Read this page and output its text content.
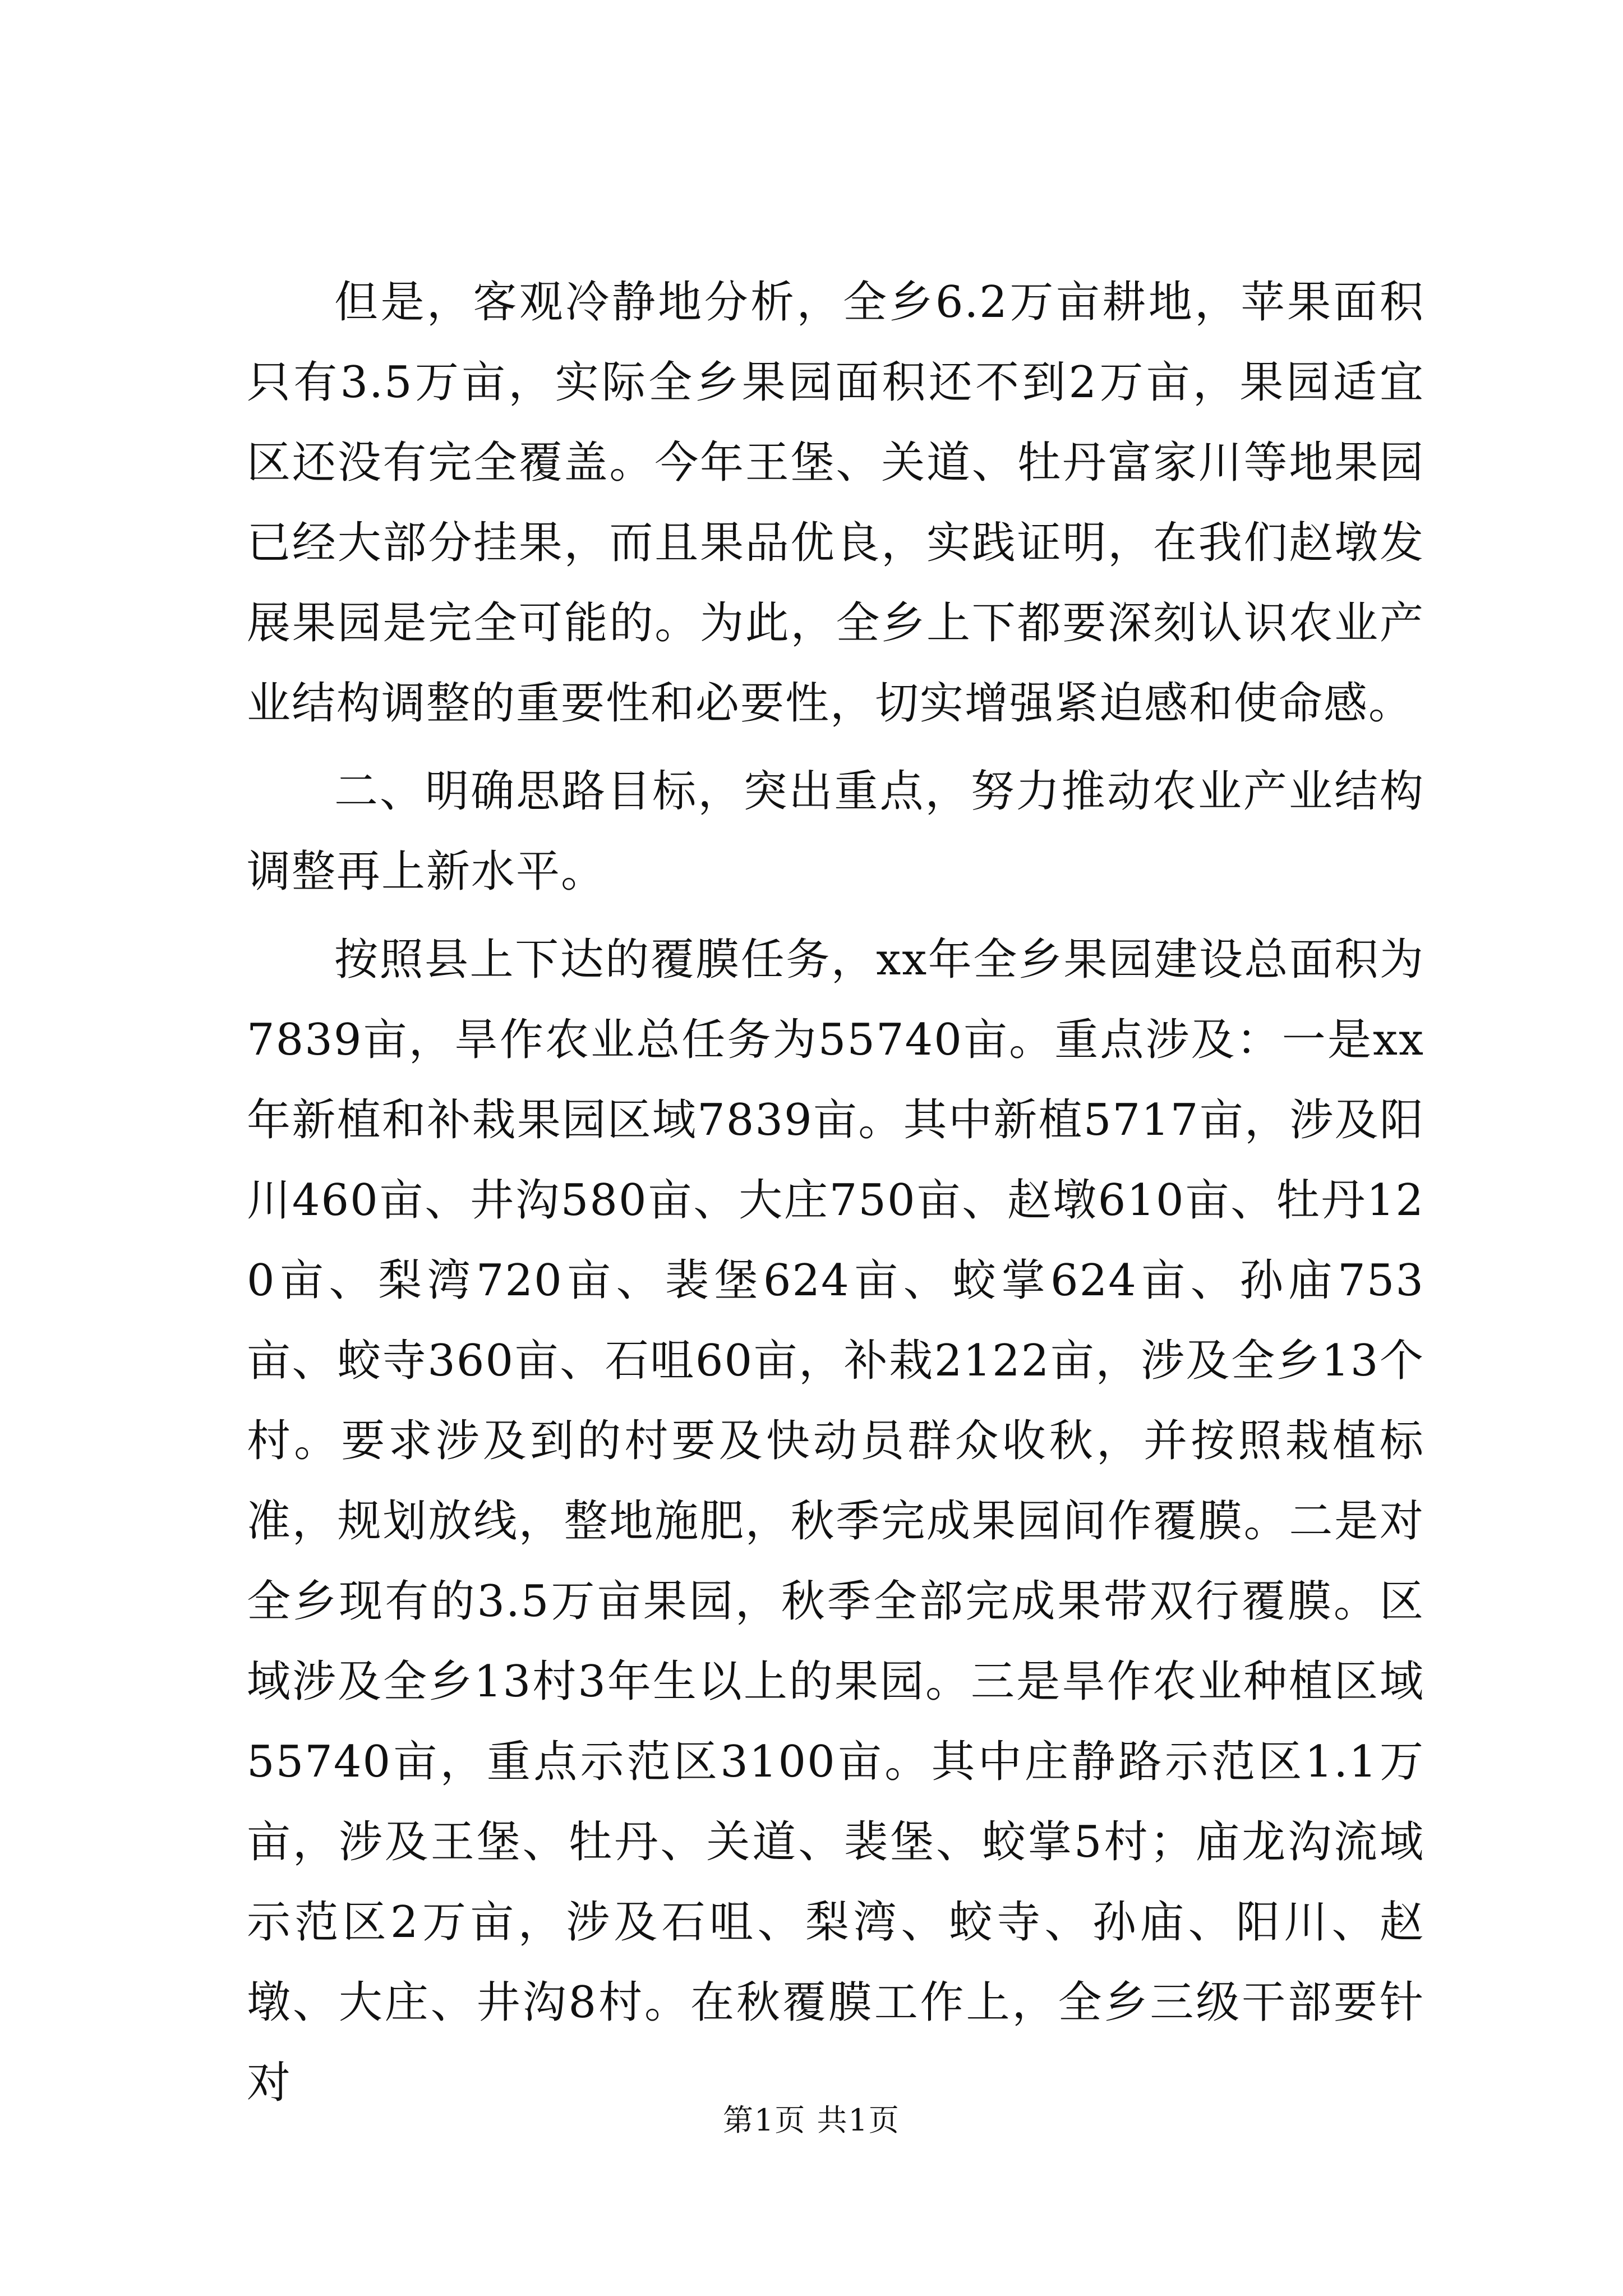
但是，客观冷静地分析，全乡6.2万亩耕地，苹果面积只有3.5万亩，实际全乡果园面积还不到2万亩，果园适宜区还没有完全覆盖。今年王堡、关道、牡丹富家川等地果园已经大部分挂果，而且果品优良，实践证明，在我们赵墩发展果园是完全可能的。为此，全乡上下都要深刻认识农业产业结构调整的重要性和必要性，切实增强紧迫感和使命感。

二、明确思路目标，突出重点，努力推动农业产业结构调整再上新水平。

按照县上下达的覆膜任务，xx年全乡果园建设总面积为7839亩，旱作农业总任务为55740亩。重点涉及：一是xx年新植和补栽果园区域7839亩。其中新植5717亩，涉及阳川460亩、井沟580亩、大庄750亩、赵墩610亩、牡丹120亩、梨湾720亩、裴堡624亩、蛟掌624亩、孙庙753亩、蛟寺360亩、石咀60亩，补栽2122亩，涉及全乡13个村。要求涉及到的村要及快动员群众收秋，并按照栽植标准，规划放线，整地施肥，秋季完成果园间作覆膜。二是对全乡现有的3.5万亩果园，秋季全部完成果带双行覆膜。区域涉及全乡13村3年生以上的果园。三是旱作农业种植区域55740亩，重点示范区3100亩。其中庄静路示范区1.1万亩，涉及王堡、牡丹、关道、裴堡、蛟掌5村；庙龙沟流域示范区2万亩，涉及石咀、梨湾、蛟寺、孙庙、阳川、赵墩、大庄、井沟8村。在秋覆膜工作上，全乡三级干部要针对

第1页 共1页
